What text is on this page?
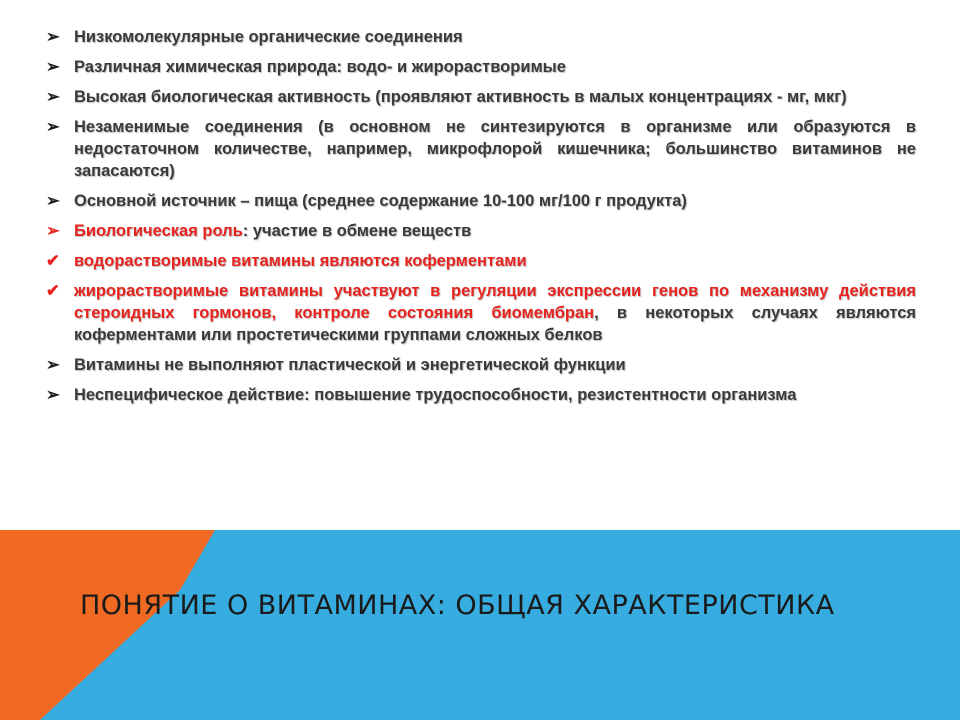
➢ Низкомолекулярные органические соединения
➢ Различная химическая природа: водо- и жирорастворимые
➢ Высокая биологическая активность (проявляют активность в малых концентрациях - мг, мкг)
➢ Незаменимые соединения (в основном не синтезируются в организме или образуются в недостаточном количестве, например, микрофлорой кишечника; большинство витаминов не запасаются)
➢ Основной источник – пища (среднее содержание 10-100 мг/100 г продукта)
➢ Биологическая роль: участие в обмене веществ
✔ водорастворимые витамины являются коферментами
✔ жирорастворимые витамины участвуют в регуляции экспрессии генов по механизму действия стероидных гормонов, контроле состояния биомембран, в некоторых случаях являются коферментами или простетическими группами сложных белков
➢ Витамины не выполняют пластической и энергетической функции
➢ Неспецифическое действие: повышение трудоспособности, резистентности организма
ПОНЯТИЕ О ВИТАМИНАХ: ОБЩАЯ ХАРАКТЕРИСТИКА
